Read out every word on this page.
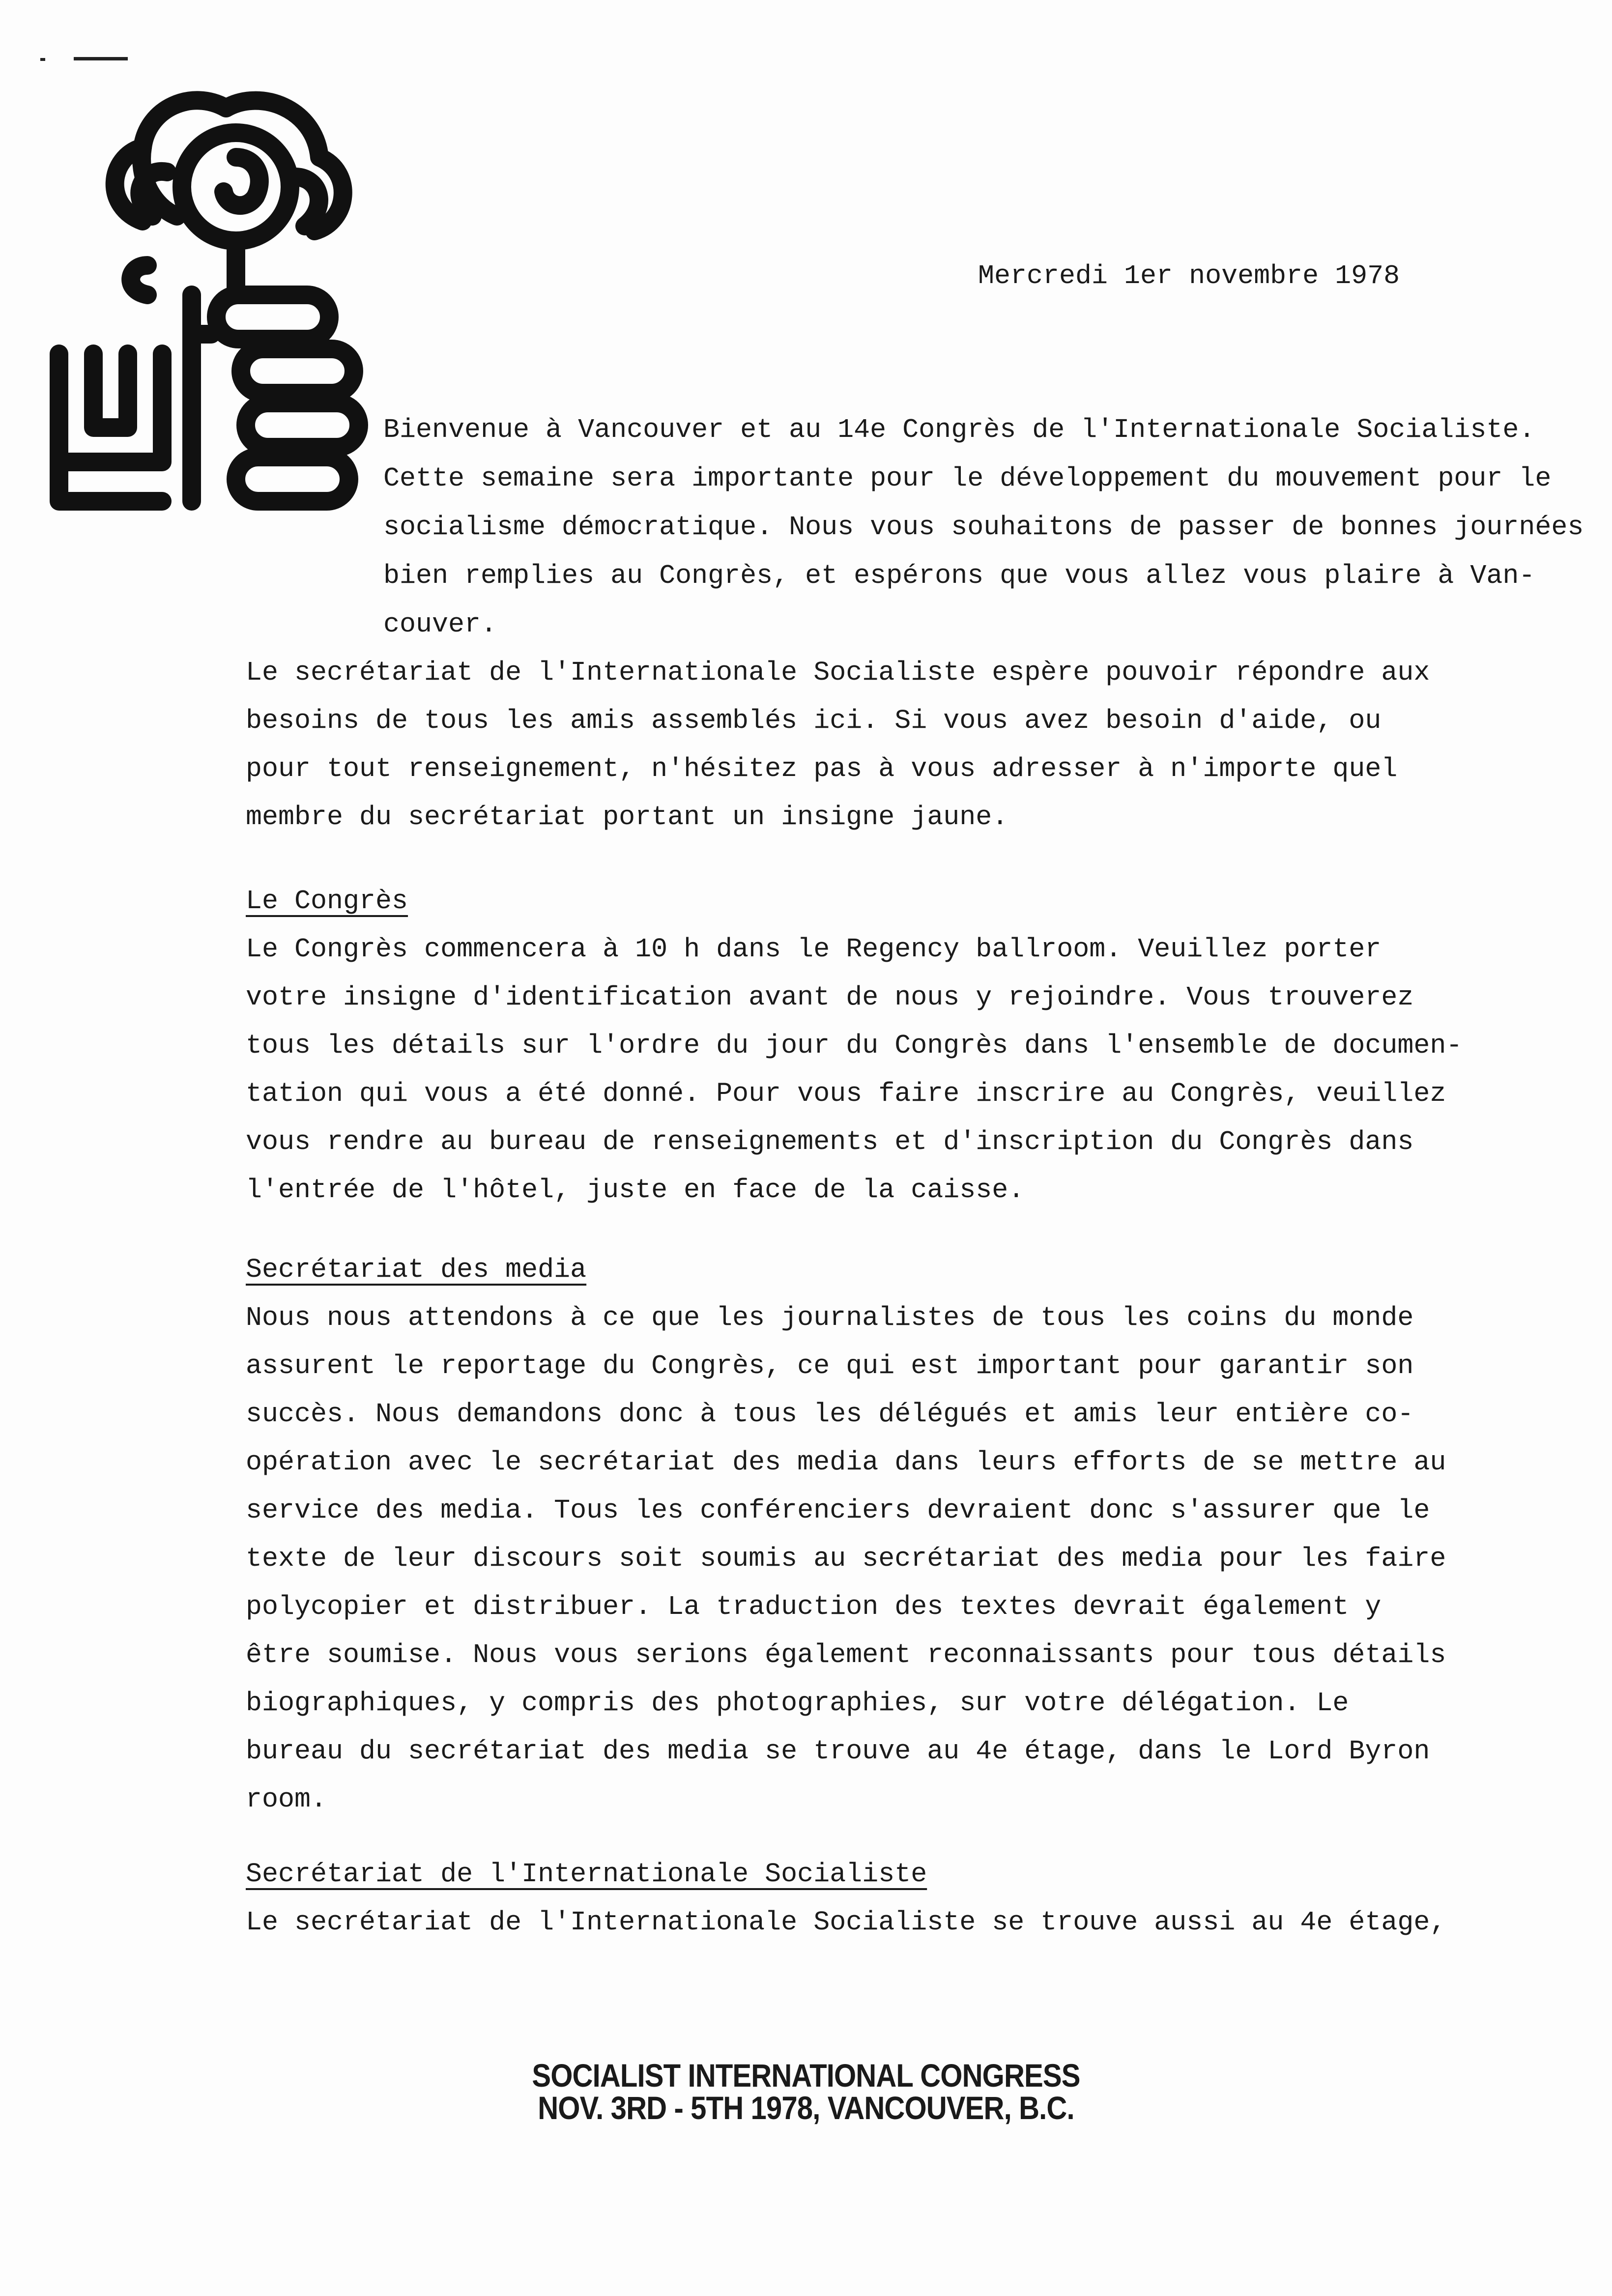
Mercredi 1er novembre 1978

Bienvenue à Vancouver et au 14e Congrès de l'Internationale Socialiste.

Cette semaine sera importante pour le développement du mouvement pour le

socialisme démocratique. Nous vous souhaitons de passer de bonnes journées

bien remplies au Congrès, et espérons que vous allez vous plaire à Van-

couver.

Le secrétariat de l'Internationale Socialiste espère pouvoir répondre aux

besoins de tous les amis assemblés ici. Si vous avez besoin d'aide, ou

pour tout renseignement, n'hésitez pas à vous adresser à n'importe quel

membre du secrétariat portant un insigne jaune.

Le Congrès

Le Congrès commencera à 10 h dans le Regency ballroom. Veuillez porter

votre insigne d'identification avant de nous y rejoindre. Vous trouverez

tous les détails sur l'ordre du jour du Congrès dans l'ensemble de documen-

tation qui vous a été donné. Pour vous faire inscrire au Congrès, veuillez

vous rendre au bureau de renseignements et d'inscription du Congrès dans

l'entrée de l'hôtel, juste en face de la caisse.

Secrétariat des media

Nous nous attendons à ce que les journalistes de tous les coins du monde

assurent le reportage du Congrès, ce qui est important pour garantir son

succès. Nous demandons donc à tous les délégués et amis leur entière co-

opération avec le secrétariat des media dans leurs efforts de se mettre au

service des media. Tous les conférenciers devraient donc s'assurer que le

texte de leur discours soit soumis au secrétariat des media pour les faire

polycopier et distribuer. La traduction des textes devrait également y

être soumise. Nous vous serions également reconnaissants pour tous détails

biographiques, y compris des photographies, sur votre délégation. Le

bureau du secrétariat des media se trouve au 4e étage, dans le Lord Byron

room.

Secrétariat de l'Internationale Socialiste

Le secrétariat de l'Internationale Socialiste se trouve aussi au 4e étage,

SOCIALIST INTERNATIONAL CONGRESS
NOV. 3RD - 5TH 1978, VANCOUVER, B.C.
